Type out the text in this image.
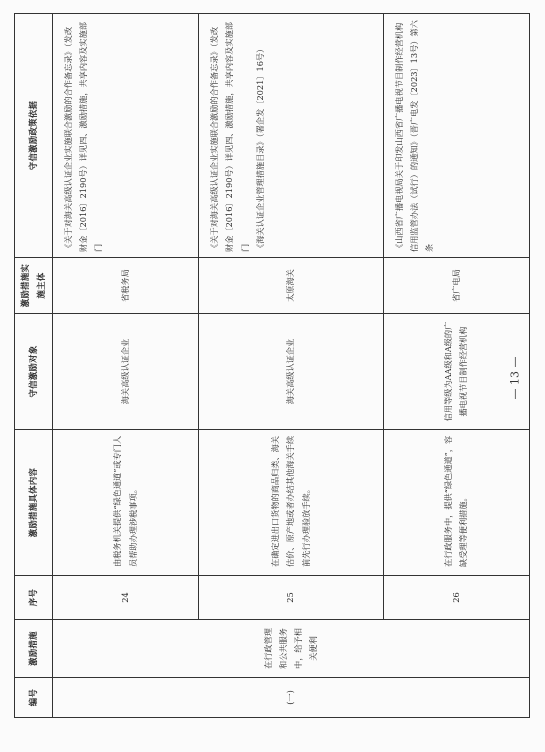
编号	激励措施	序号	激励措施具体内容	守信激励对象	激励措施实 施主体	守信激励政策依据
(一)	在行政管理和公共服务中，给予相关便利	24	由税务机关提供“绿色通道”或专门人员帮助办理涉税事项。	海关高级认证企业	省税务局	《关于对海关高级认证企业实施联合激励的合作备忘录》（发改财金〔2016〕2190号）详见四、激励措施，共享内容及实施部门

		25	在确定进出口货物的商品归类、海关估价、原产地或者办结其他海关手续前先行办理验放手续。	海关高级认证企业	太原海关	《关于对海关高级认证企业实施联合激励的合作备忘录》（发改财金〔2016〕2190号）详见四、激励措施，共享内容及实施部门 《海关认证企业管理措施目录》（署企发〔2021〕16号）

		26	在行政服务中，提供“绿色通道”，容缺受理等便利措施。	信用等级为AA级和A级的广播电视节目制作经营机构	省广电局	《山西省广播电视局关于印发山西省广播电视节目制作经营机构信用监管办法（试行）的通知》（晋广电发〔2023〕13号）第六条
— 13 —
